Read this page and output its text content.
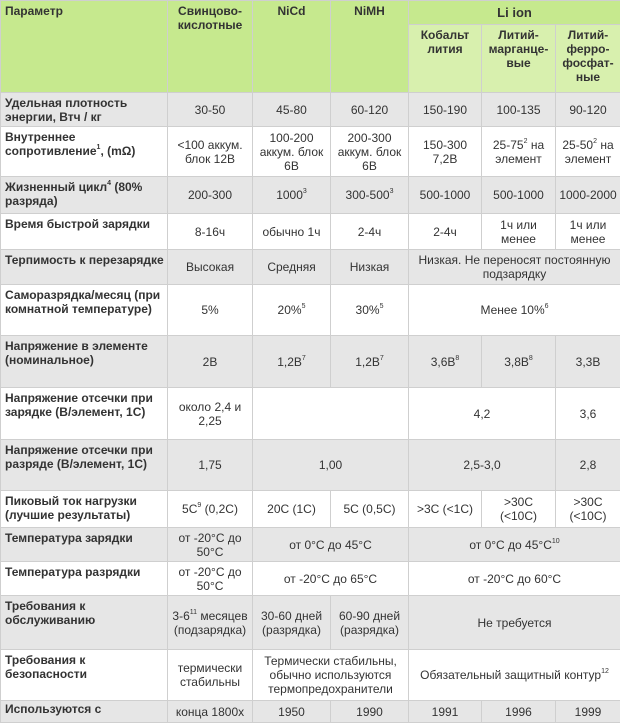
Параметр	Свинцово-кислотные	NiCd	NiMH	Li ion		
				Кобальт лития	Литий-марганце-вые	Литий-ферро-фосфат-ные
Удельная плотность энергии, Втч / кг	30-50	45-80	60-120	150-190	100-135	90-120
Внутреннее сопротивление$^1$, (mΩ)	<100 аккум. блок 12В	100-200 аккум. блок 6В	200-300 аккум. блок 6В	150-300 7,2В	$25-75^2$ на элемент	$25-50^2$ на элемент
Жизненный цикл$^4$ (80% разряда)	200-300	1000$^3$	$300-500^3$	500-1000	500-1000	1000-2000
Время быстрой зарядки	8-16ч	обычно 1ч	2-4ч	2-4ч	1ч или менее	1ч или менее
Терпимость к перезарядке	Высокая	Средняя	Низкая	Низкая. Не переносят постоянную подзарядку		
Саморазрядка/месяц (при комнатной температуре)	5%	20%$^5$	30%$^5$	Менее 10%$^6$
Напряжение в элементе (номинальное)	2В	$1,2В^7$	$1,2В^7$	$3,6В^8$	$3,8В^8$	3,3В
Напряжение отсечки при зарядке (В/элемент, 1С)	около 2,4 и 2,25			4,2		3,6
Напряжение отсечки при разряде (В/элемент, 1С)	1,75	1,00		2,5-3,0		2,8
Пиковый ток нагрузки (лучшие результаты)	$5С^9$ (0,2С)	20С (1С)	5С (0,5С)	>3С (<1С)	>30С (<10С)	>30С (<10С)
Температура зарядки	от -20°С до 50°С	от 0°С до 45°С		от 0°С до $45^\circ С^{10}$
Температура разрядки	от -20°С до 50°С	от -20°С до 65°С		от -20°С до 60°С		
Требования к обслуживанию	$3-6^{11}$ месяцев (подзарядка)	30-60 дней (разрядка)	60-90 дней (разрядка)	Не требуется		
Требования к безопасности	термически стабильны	Термически стабильны, обычно используются термопредохранители		Обязательный защитный контур$^{12}$
Используются с	конца 1800х	1950	1990	1991	1996	1999
